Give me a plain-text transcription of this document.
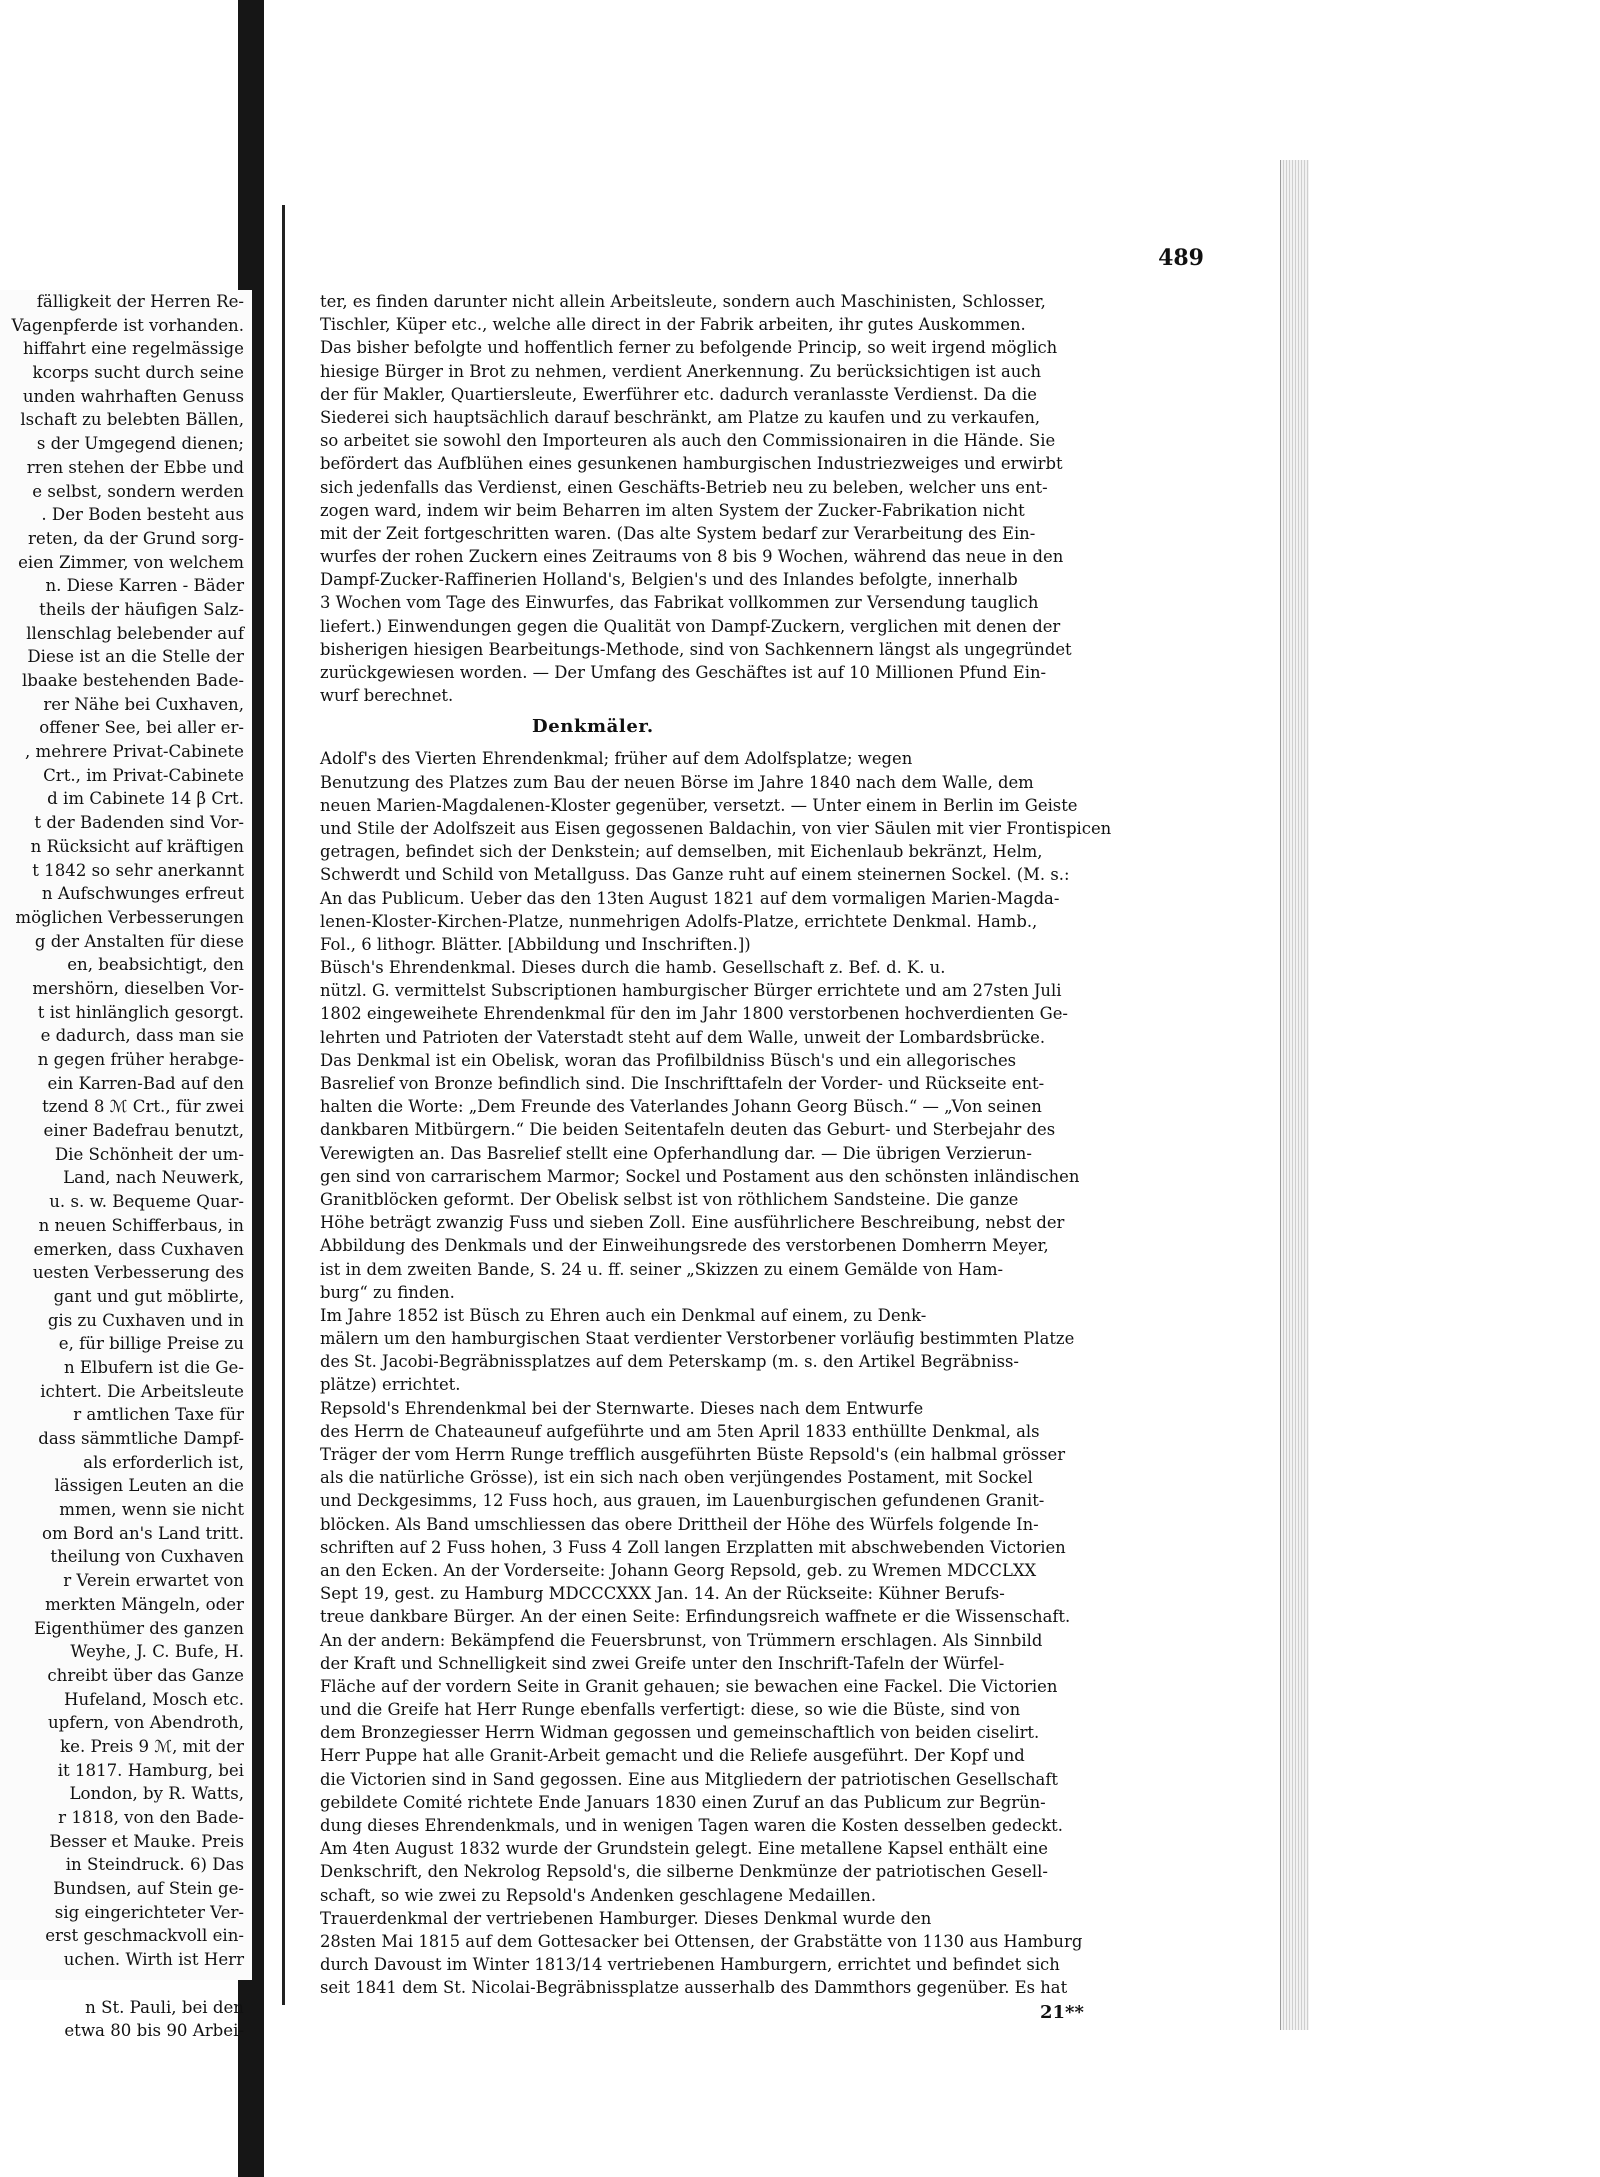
fälligkeit der Herren Re-
Vagenpferde ist vorhanden.
hiffahrt eine regelmässige
kcorps sucht durch seine
unden wahrhaften Genuss
lschaft zu belebten Bällen,
s der Umgegend dienen;
rren stehen der Ebbe und
e selbst, sondern werden
. Der Boden besteht aus
reten, da der Grund sorg-
eien Zimmer, von welchem
n. Diese Karren - Bäder
theils der häufigen Salz-
llenschlag belebender auf
Diese ist an die Stelle der
lbaake bestehenden Bade-
rer Nähe bei Cuxhaven,
offener See, bei aller er-
, mehrere Privat-Cabinete
Crt., im Privat-Cabinete
d im Cabinete 14 β Crt.
t der Badenden sind Vor-
n Rücksicht auf kräftigen
t 1842 so sehr anerkannt
n Aufschwunges erfreut
möglichen Verbesserungen
g der Anstalten für diese
en, beabsichtigt, den
mershörn, dieselben Vor-
t ist hinlänglich gesorgt.
e dadurch, dass man sie
n gegen früher herabge-
ein Karren-Bad auf den
tzend 8 ℳ Crt., für zwei
einer Badefrau benutzt,
Die Schönheit der um-
Land, nach Neuwerk,
u. s. w. Bequeme Quar-
n neuen Schifferbaus, in
emerken, dass Cuxhaven
uesten Verbesserung des
gant und gut möblirte,
gis zu Cuxhaven und in
e, für billige Preise zu
n Elbufern ist die Ge-
ichtert. Die Arbeitsleute
r amtlichen Taxe für
dass sämmtliche Dampf-
als erforderlich ist,
lässigen Leuten an die
mmen, wenn sie nicht
om Bord an's Land tritt.
theilung von Cuxhaven
r Verein erwartet von
merkten Mängeln, oder
Eigenthümer des ganzen
Weyhe, J. C. Bufe, H.
chreibt über das Ganze
Hufeland, Mosch etc.
upfern, von Abendroth,
ke. Preis 9 ℳ, mit der
it 1817. Hamburg, bei
London, by R. Watts,
r 1818, von den Bade-
Besser et Mauke. Preis
in Steindruck. 6) Das
Bundsen, auf Stein ge-
sig eingerichteter Ver-
erst geschmackvoll ein-
uchen. Wirth ist Herr
n St. Pauli, bei den
etwa 80 bis 90 Arbei-
489
ter, es finden darunter nicht allein Arbeitsleute, sondern auch Maschinisten, Schlosser,
Tischler, Küper etc., welche alle direct in der Fabrik arbeiten, ihr gutes Auskommen.
Das bisher befolgte und hoffentlich ferner zu befolgende Princip, so weit irgend möglich
hiesige Bürger in Brot zu nehmen, verdient Anerkennung. Zu berücksichtigen ist auch
der für Makler, Quartiersleute, Ewerführer etc. dadurch veranlasste Verdienst. Da die
Siederei sich hauptsächlich darauf beschränkt, am Platze zu kaufen und zu verkaufen,
so arbeitet sie sowohl den Importeuren als auch den Commissionairen in die Hände. Sie
befördert das Aufblühen eines gesunkenen hamburgischen Industriezweiges und erwirbt
sich jedenfalls das Verdienst, einen Geschäfts-Betrieb neu zu beleben, welcher uns ent-
zogen ward, indem wir beim Beharren im alten System der Zucker-Fabrikation nicht
mit der Zeit fortgeschritten waren. (Das alte System bedarf zur Verarbeitung des Ein-
wurfes der rohen Zuckern eines Zeitraums von 8 bis 9 Wochen, während das neue in den
Dampf-Zucker-Raffinerien Holland's, Belgien's und des Inlandes befolgte, innerhalb
3 Wochen vom Tage des Einwurfes, das Fabrikat vollkommen zur Versendung tauglich
liefert.) Einwendungen gegen die Qualität von Dampf-Zuckern, verglichen mit denen der
bisherigen hiesigen Bearbeitungs-Methode, sind von Sachkennern längst als ungegründet
zurückgewiesen worden. — Der Umfang des Geschäftes ist auf 10 Millionen Pfund Ein-
wurf berechnet.
Denkmäler.
Adolf's des Vierten Ehrendenkmal; früher auf dem Adolfsplatze; wegen
Benutzung des Platzes zum Bau der neuen Börse im Jahre 1840 nach dem Walle, dem
neuen Marien-Magdalenen-Kloster gegenüber, versetzt. — Unter einem in Berlin im Geiste
und Stile der Adolfszeit aus Eisen gegossenen Baldachin, von vier Säulen mit vier Frontispicen
getragen, befindet sich der Denkstein; auf demselben, mit Eichenlaub bekränzt, Helm,
Schwerdt und Schild von Metallguss. Das Ganze ruht auf einem steinernen Sockel. (M. s.:
An das Publicum. Ueber das den 13ten August 1821 auf dem vormaligen Marien-Magda-
lenen-Kloster-Kirchen-Platze, nunmehrigen Adolfs-Platze, errichtete Denkmal. Hamb.,
Fol., 6 lithogr. Blätter. [Abbildung und Inschriften.])
Büsch's Ehrendenkmal. Dieses durch die hamb. Gesellschaft z. Bef. d. K. u.
nützl. G. vermittelst Subscriptionen hamburgischer Bürger errichtete und am 27sten Juli
1802 eingeweihete Ehrendenkmal für den im Jahr 1800 verstorbenen hochverdienten Ge-
lehrten und Patrioten der Vaterstadt steht auf dem Walle, unweit der Lombardsbrücke.
Das Denkmal ist ein Obelisk, woran das Profilbildniss Büsch's und ein allegorisches
Basrelief von Bronze befindlich sind. Die Inschrifttafeln der Vorder- und Rückseite ent-
halten die Worte: „Dem Freunde des Vaterlandes Johann Georg Büsch.“ — „Von seinen
dankbaren Mitbürgern.“ Die beiden Seitentafeln deuten das Geburt- und Sterbejahr des
Verewigten an. Das Basrelief stellt eine Opferhandlung dar. — Die übrigen Verzierun-
gen sind von carrarischem Marmor; Sockel und Postament aus den schönsten inländischen
Granitblöcken geformt. Der Obelisk selbst ist von röthlichem Sandsteine. Die ganze
Höhe beträgt zwanzig Fuss und sieben Zoll. Eine ausführlichere Beschreibung, nebst der
Abbildung des Denkmals und der Einweihungsrede des verstorbenen Domherrn Meyer,
ist in dem zweiten Bande, S. 24 u. ff. seiner „Skizzen zu einem Gemälde von Ham-
burg“ zu finden.
Im Jahre 1852 ist Büsch zu Ehren auch ein Denkmal auf einem, zu Denk-
mälern um den hamburgischen Staat verdienter Verstorbener vorläufig bestimmten Platze
des St. Jacobi-Begräbnissplatzes auf dem Peterskamp (m. s. den Artikel Begräbniss-
plätze) errichtet.
Repsold's Ehrendenkmal bei der Sternwarte. Dieses nach dem Entwurfe
des Herrn de Chateauneuf aufgeführte und am 5ten April 1833 enthüllte Denkmal, als
Träger der vom Herrn Runge trefflich ausgeführten Büste Repsold's (ein halbmal grösser
als die natürliche Grösse), ist ein sich nach oben verjüngendes Postament, mit Sockel
und Deckgesimms, 12 Fuss hoch, aus grauen, im Lauenburgischen gefundenen Granit-
blöcken. Als Band umschliessen das obere Drittheil der Höhe des Würfels folgende In-
schriften auf 2 Fuss hohen, 3 Fuss 4 Zoll langen Erzplatten mit abschwebenden Victorien
an den Ecken. An der Vorderseite: Johann Georg Repsold, geb. zu Wremen MDCCLXX
Sept 19, gest. zu Hamburg MDCCCXXX Jan. 14. An der Rückseite: Kühner Berufs-
treue dankbare Bürger. An der einen Seite: Erfindungsreich waffnete er die Wissenschaft.
An der andern: Bekämpfend die Feuersbrunst, von Trümmern erschlagen. Als Sinnbild
der Kraft und Schnelligkeit sind zwei Greife unter den Inschrift-Tafeln der Würfel-
Fläche auf der vordern Seite in Granit gehauen; sie bewachen eine Fackel. Die Victorien
und die Greife hat Herr Runge ebenfalls verfertigt: diese, so wie die Büste, sind von
dem Bronzegiesser Herrn Widman gegossen und gemeinschaftlich von beiden ciselirt.
Herr Puppe hat alle Granit-Arbeit gemacht und die Reliefe ausgeführt. Der Kopf und
die Victorien sind in Sand gegossen. Eine aus Mitgliedern der patriotischen Gesellschaft
gebildete Comité richtete Ende Januars 1830 einen Zuruf an das Publicum zur Begrün-
dung dieses Ehrendenkmals, und in wenigen Tagen waren die Kosten desselben gedeckt.
Am 4ten August 1832 wurde der Grundstein gelegt. Eine metallene Kapsel enthält eine
Denkschrift, den Nekrolog Repsold's, die silberne Denkmünze der patriotischen Gesell-
schaft, so wie zwei zu Repsold's Andenken geschlagene Medaillen.
Trauerdenkmal der vertriebenen Hamburger. Dieses Denkmal wurde den
28sten Mai 1815 auf dem Gottesacker bei Ottensen, der Grabstätte von 1130 aus Hamburg
durch Davoust im Winter 1813/14 vertriebenen Hamburgern, errichtet und befindet sich
seit 1841 dem St. Nicolai-Begräbnissplatze ausserhalb des Dammthors gegenüber. Es hat
21**
